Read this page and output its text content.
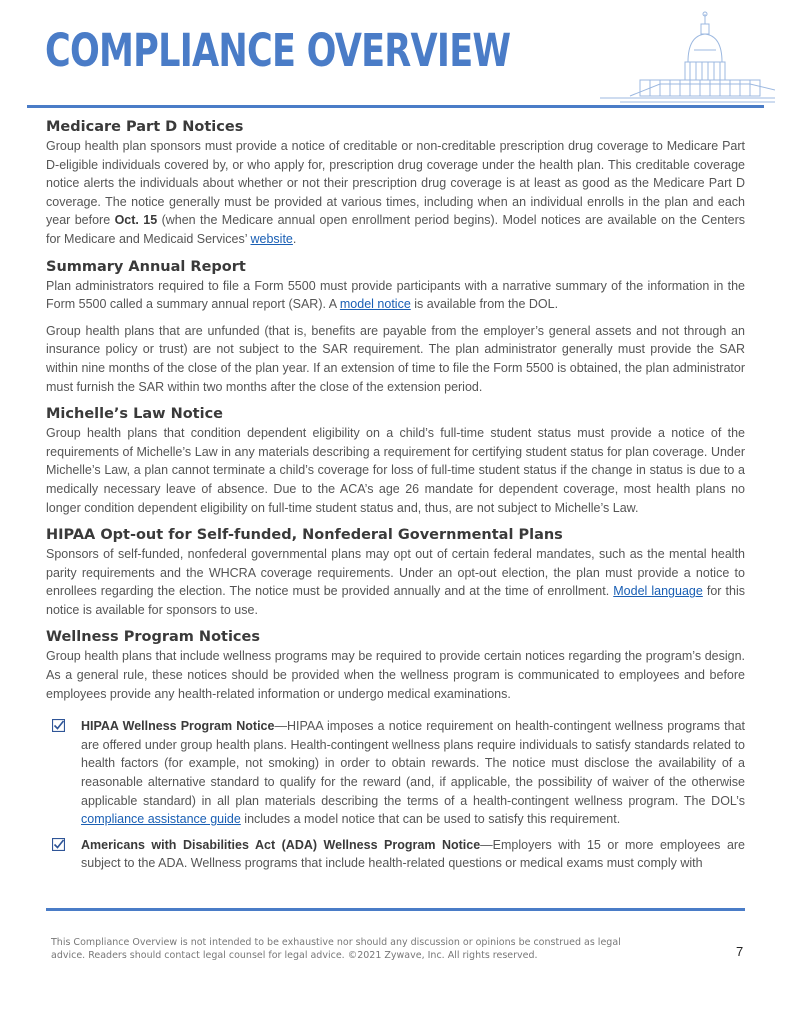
COMPLIANCE OVERVIEW
Medicare Part D Notices

Group health plan sponsors must provide a notice of creditable or non-creditable prescription drug coverage to Medicare Part D-eligible individuals covered by, or who apply for, prescription drug coverage under the health plan. This creditable coverage notice alerts the individuals about whether or not their prescription drug coverage is at least as good as the Medicare Part D coverage. The notice generally must be provided at various times, including when an individual enrolls in the plan and each year before Oct. 15 (when the Medicare annual open enrollment period begins). Model notices are available on the Centers for Medicare and Medicaid Services’ website.

Summary Annual Report

Plan administrators required to file a Form 5500 must provide participants with a narrative summary of the information in the Form 5500 called a summary annual report (SAR). A model notice is available from the DOL.

Group health plans that are unfunded (that is, benefits are payable from the employer’s general assets and not through an insurance policy or trust) are not subject to the SAR requirement. The plan administrator generally must provide the SAR within nine months of the close of the plan year. If an extension of time to file the Form 5500 is obtained, the plan administrator must furnish the SAR within two months after the close of the extension period.

Michelle’s Law Notice

Group health plans that condition dependent eligibility on a child’s full-time student status must provide a notice of the requirements of Michelle’s Law in any materials describing a requirement for certifying student status for plan coverage. Under Michelle’s Law, a plan cannot terminate a child’s coverage for loss of full-time student status if the change in status is due to a medically necessary leave of absence. Due to the ACA’s age 26 mandate for dependent coverage, most health plans no longer condition dependent eligibility on full-time student status and, thus, are not subject to Michelle’s Law.

HIPAA Opt-out for Self-funded, Nonfederal Governmental Plans

Sponsors of self-funded, nonfederal governmental plans may opt out of certain federal mandates, such as the mental health parity requirements and the WHCRA coverage requirements. Under an opt-out election, the plan must provide a notice to enrollees regarding the election. The notice must be provided annually and at the time of enrollment. Model language for this notice is available for sponsors to use.

Wellness Program Notices

Group health plans that include wellness programs may be required to provide certain notices regarding the program’s design. As a general rule, these notices should be provided when the wellness program is communicated to employees and before employees provide any health-related information or undergo medical examinations.

HIPAA Wellness Program Notice—HIPAA imposes a notice requirement on health-contingent wellness programs that are offered under group health plans. Health-contingent wellness plans require individuals to satisfy standards related to health factors (for example, not smoking) in order to obtain rewards. The notice must disclose the availability of a reasonable alternative standard to qualify for the reward (and, if applicable, the possibility of waiver of the otherwise applicable standard) in all plan materials describing the terms of a health-contingent wellness program. The DOL’s compliance assistance guide includes a model notice that can be used to satisfy this requirement.

Americans with Disabilities Act (ADA) Wellness Program Notice—Employers with 15 or more employees are subject to the ADA. Wellness programs that include health-related questions or medical exams must comply with

This Compliance Overview is not intended to be exhaustive nor should any discussion or opinions be construed as legal advice. Readers should contact legal counsel for legal advice. ©2021 Zywave, Inc. All rights reserved.	7
